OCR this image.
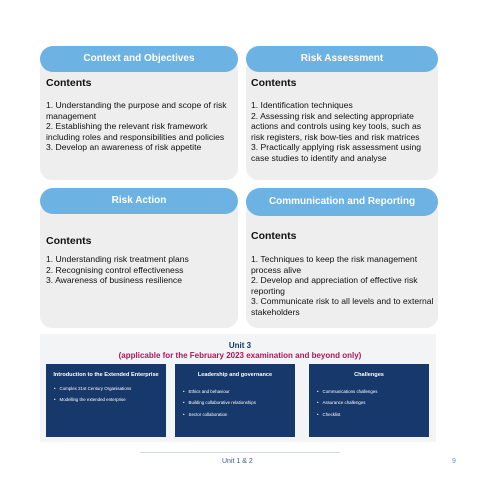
Context and Objectives
Contents
1. Understanding the purpose and scope of risk management
2. Establishing the relevant risk framework including roles and responsibilities and policies
3. Develop an awareness of risk appetite
Risk Assessment
Contents
1. Identification techniques
2. Assessing risk and selecting appropriate actions and controls using key tools, such as risk registers, risk bow-ties and risk matrices
3. Practically applying risk assessment using case studies to identify and analyse
Risk Action
Contents
1. Understanding risk treatment plans
2. Recognising control effectiveness
3. Awareness of business resilience
Communication and Reporting
Contents
1. Techniques to keep the risk management process alive
2. Develop and appreciation of effective risk reporting
3. Communicate risk to all levels and to external stakeholders
Unit 3
(applicable for the February 2023 examination and beyond only)
Introduction to the Extended Enterprise
• Complex 21st Century Organisations
• Modelling the extended enterprise
Leadership and governance
• Ethics and behaviour
• Building collaborative relationships
• Sector collaboration
Challenges
• Communications challenges
• Assurance challenges
• Checklist
Unit 1 & 2	9
